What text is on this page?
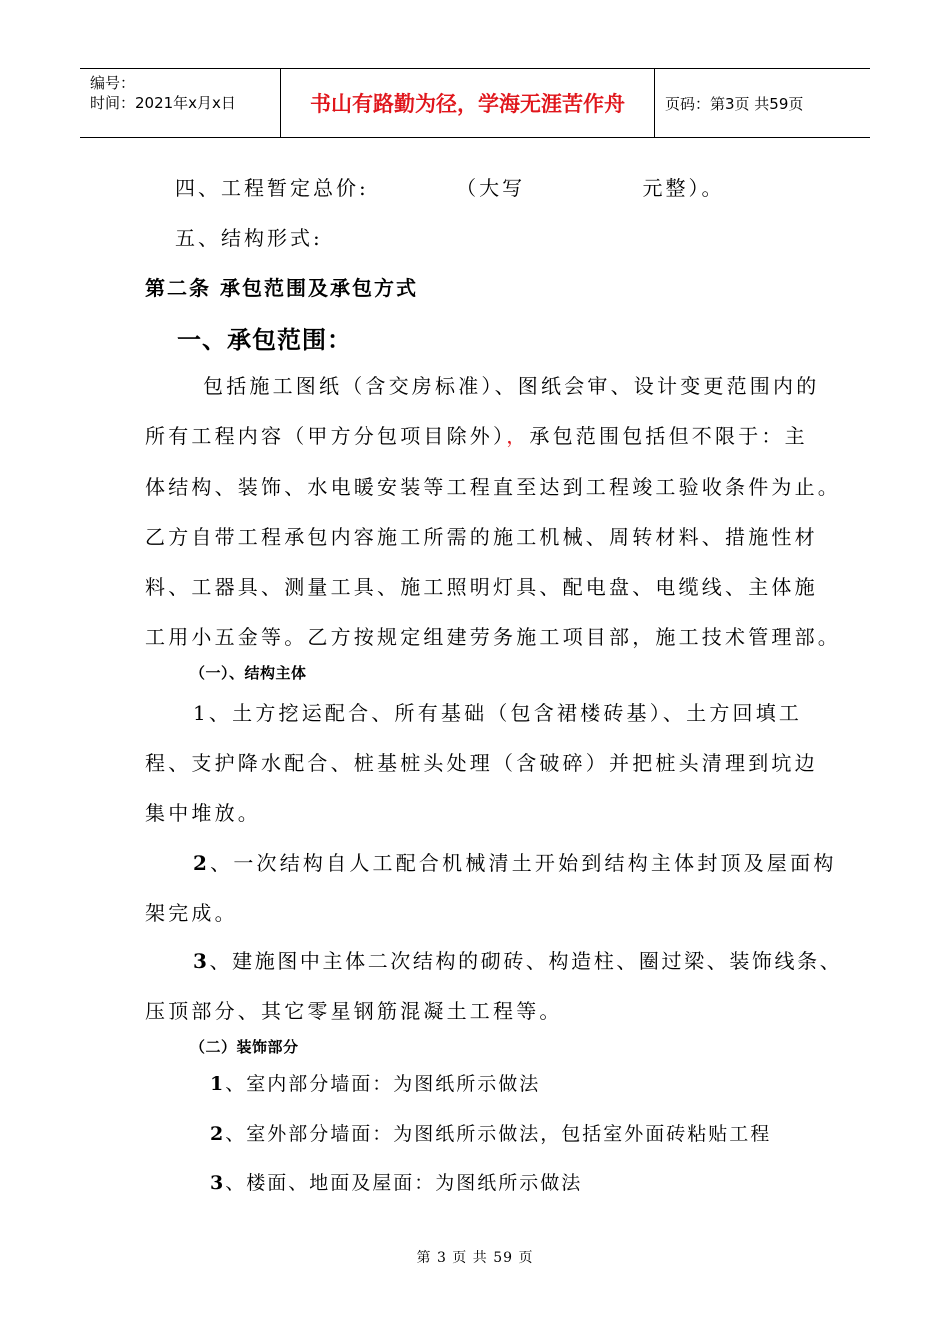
编号：
时间：2021年x月x日	书山有路勤为径，学海无涯苦作舟	页码：第3页 共59页
四、工程暂定总价:	（大写	元整）。
五、结构形式:
第二条 承包范围及承包方式
一、承包范围：
包括施工图纸（含交房标准）、图纸会审、设计变更范围内的
所有工程内容（甲方分包项目除外），承包范围包括但不限于：主
体结构、装饰、水电暖安装等工程直至达到工程竣工验收条件为止。
乙方自带工程承包内容施工所需的施工机械、周转材料、措施性材
料、工器具、测量工具、施工照明灯具、配电盘、电缆线、主体施
工用小五金等。乙方按规定组建劳务施工项目部，施工技术管理部。
（一）、结构主体
1、土方挖运配合、所有基础（包含裙楼砖基）、土方回填工
程、支护降水配合、桩基桩头处理（含破碎）并把桩头清理到坑边
集中堆放。
2、一次结构自人工配合机械清土开始到结构主体封顶及屋面构
架完成。
3、建施图中主体二次结构的砌砖、构造柱、圈过梁、装饰线条、
压顶部分、其它零星钢筋混凝土工程等。
（二）装饰部分
1、室内部分墙面：为图纸所示做法
2、室外部分墙面：为图纸所示做法，包括室外面砖粘贴工程
3、楼面、地面及屋面：为图纸所示做法
第 3 页 共 59 页
